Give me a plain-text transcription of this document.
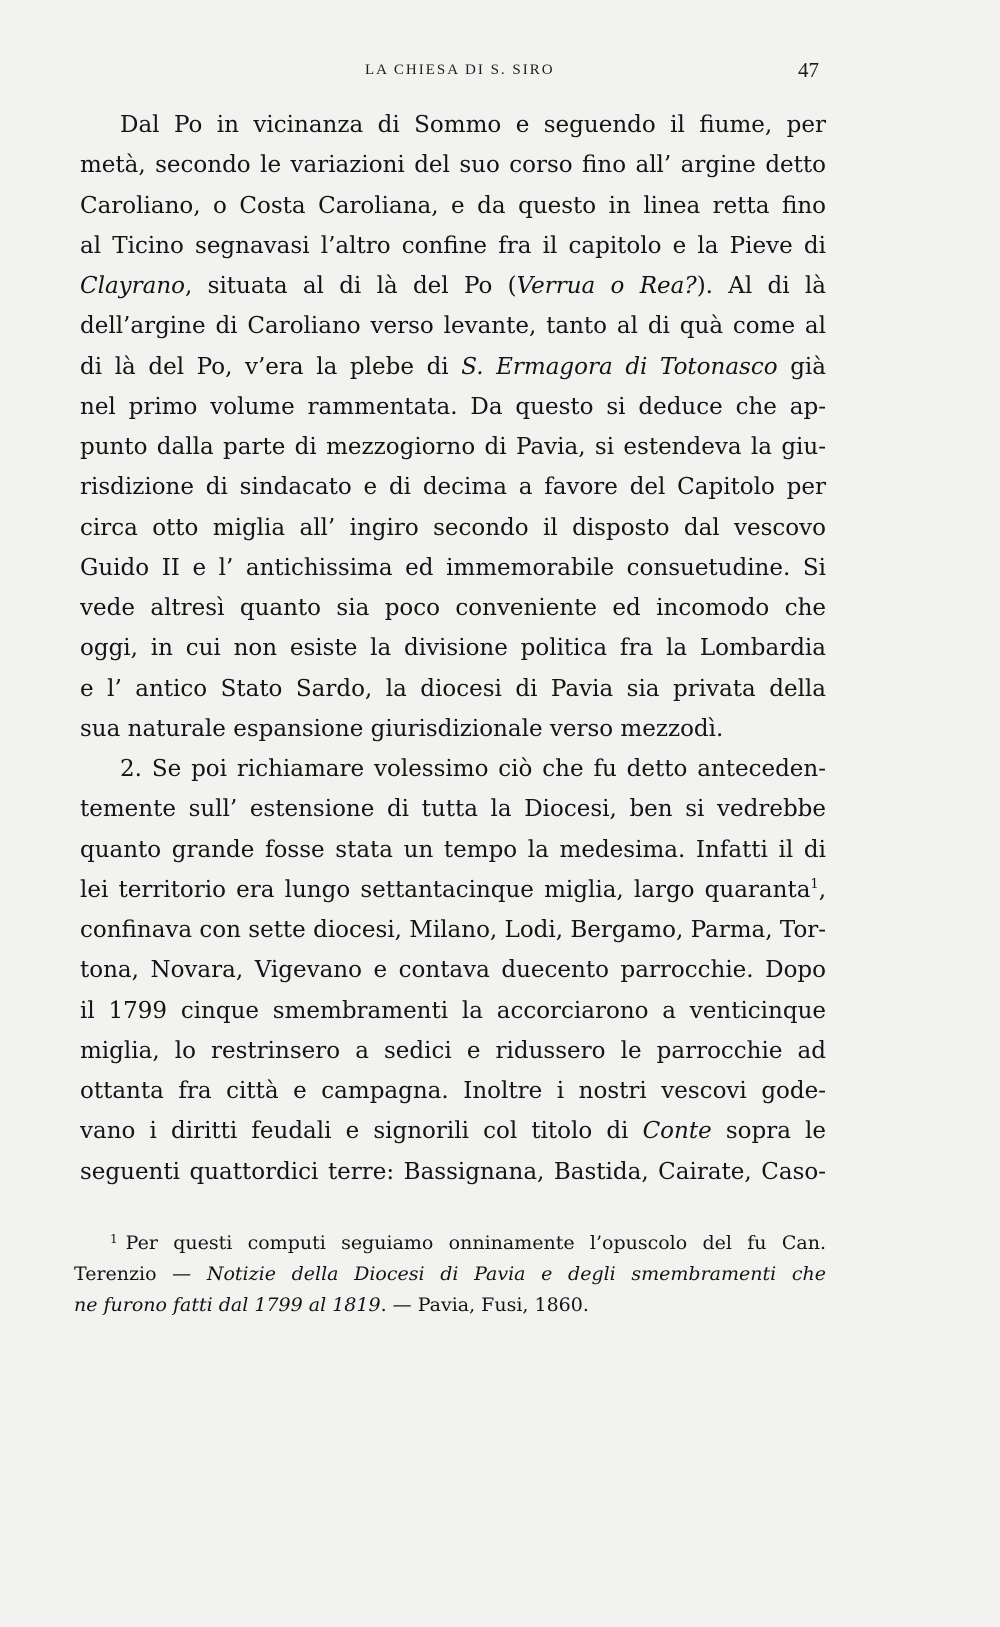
LA CHIESA DI S. SIRO	47
Dal Po in vicinanza di Sommo e seguendo il fiume, per
metà, secondo le variazioni del suo corso fino all’ argine detto
Caroliano, o Costa Caroliana, e da questo in linea retta fino
al Ticino segnavasi l’altro confine fra il capitolo e la Pieve di
Clayrano, situata al di là del Po (Verrua o Rea?). Al di là
dell’argine di Caroliano verso levante, tanto al di quà come al
di là del Po, v’era la plebe di S. Ermagora di Totonasco già
nel primo volume rammentata. Da questo si deduce che ap-
punto dalla parte di mezzogiorno di Pavia, si estendeva la giu-
risdizione di sindacato e di decima a favore del Capitolo per
circa otto miglia all’ ingiro secondo il disposto dal vescovo
Guido II e l’ antichissima ed immemorabile consuetudine. Si
vede altresì quanto sia poco conveniente ed incomodo che
oggi, in cui non esiste la divisione politica fra la Lombardia
e l’ antico Stato Sardo, la diocesi di Pavia sia privata della
sua naturale espansione giurisdizionale verso mezzodì.
2. Se poi richiamare volessimo ciò che fu detto anteceden-
temente sull’ estensione di tutta la Diocesi, ben si vedrebbe
quanto grande fosse stata un tempo la medesima. Infatti il di
lei territorio era lungo settantacinque miglia, largo quaranta$^1$,
confinava con sette diocesi, Milano, Lodi, Bergamo, Parma, Tor-
tona, Novara, Vigevano e contava duecento parrocchie. Dopo
il 1799 cinque smembramenti la accorciarono a venticinque
miglia, lo restrinsero a sedici e ridussero le parrocchie ad
ottanta fra città e campagna. Inoltre i nostri vescovi gode-
vano i diritti feudali e signorili col titolo di Conte sopra le
seguenti quattordici terre: Bassignana, Bastida, Cairate, Caso-
$^1$ Per questi computi seguiamo onninamente l’opuscolo del fu Can.
Terenzio — Notizie della Diocesi di Pavia e degli smembramenti che
ne furono fatti dal 1799 al 1819. — Pavia, Fusi, 1860.
